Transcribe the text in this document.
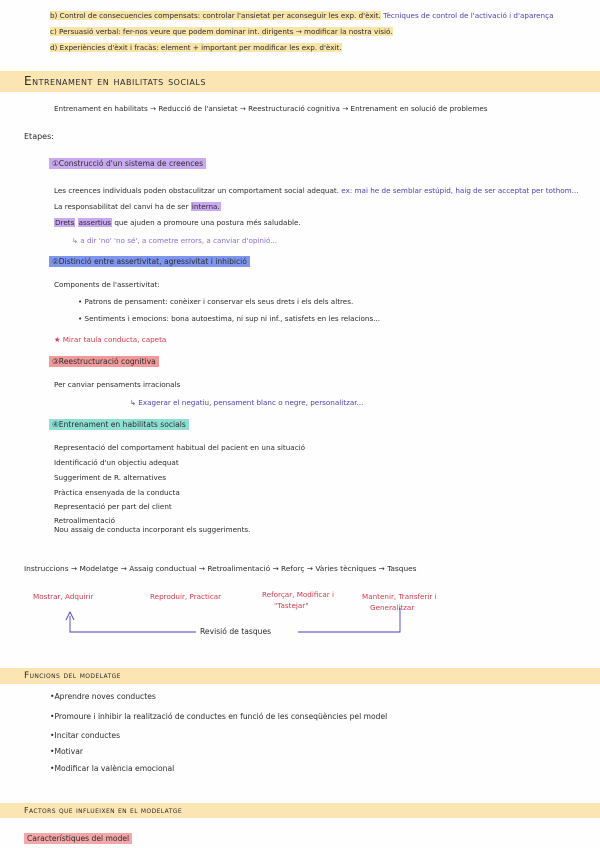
b) Control de consecuencies compensats: controlar l'ansietat per aconseguir les exp. d'èxit. Tècniques de control de l'activació i d'aparença
c) Persuasió verbal: fer-nos veure que podem dominar int. dirigents → modificar la nostra visió.
d) Experiències d'èxit i fracàs: element + important per modificar les exp. d'èxit.
Entrenament en habilitats socials
Entrenament en habilitats → Reducció de l'ansietat → Reestructuració cognitiva → Entrenament en solució de problemes
Etapes:
①Construcció d'un sistema de creences
Les creences individuals poden obstaculitzar un comportament social adequat. ex: mai he de semblar estúpid, haig de ser acceptat per tothom...
La responsabilitat del canvi ha de ser interna.
Drets assertius que ajuden a promoure una postura més saludable.
↳ a dir 'no' 'no sé', a cometre errors, a canviar d'opinió...
②Distinció entre assertivitat, agressivitat i inhibició
Components de l'assertivitat:
• Patrons de pensament: conèixer i conservar els seus drets i els dels altres.
• Sentiments i emocions: bona autoestima, ni sup ni inf., satisfets en les relacions...
★ Mirar taula conducta, capeta
③Reestructuració cognitiva
Per canviar pensaments irracionals
↳ Exagerar el negatiu, pensament blanc o negre, personalitzar...
④Entrenament en habilitats socials
Representació del comportament habitual del pacient en una situació
Identificació d'un objectiu adequat
Suggeriment de R. alternatives
Pràctica ensenyada de la conducta
Representació per part del client
Retroalimentació
Nou assaig de conducta incorporant els suggeriments.
Instruccions → Modelatge → Assaig conductual → Retroalimentació → Reforç → Vàries tècniques → Tasques
Mostrar, Adquirir	Reproduir, Practicar	Reforçar, Modificar i
"Tastejar"
Mantenir, Transferir i
Generalitzar
Revisió de tasques
Funcions del modelatge
•Aprendre noves conductes
•Promoure i inhibir la realització de conductes en funció de les conseqüències pel model
•Incitar conductes
•Motivar
•Modificar la valència emocional
Factors que influeixen en el modelatge
Característiques del model
